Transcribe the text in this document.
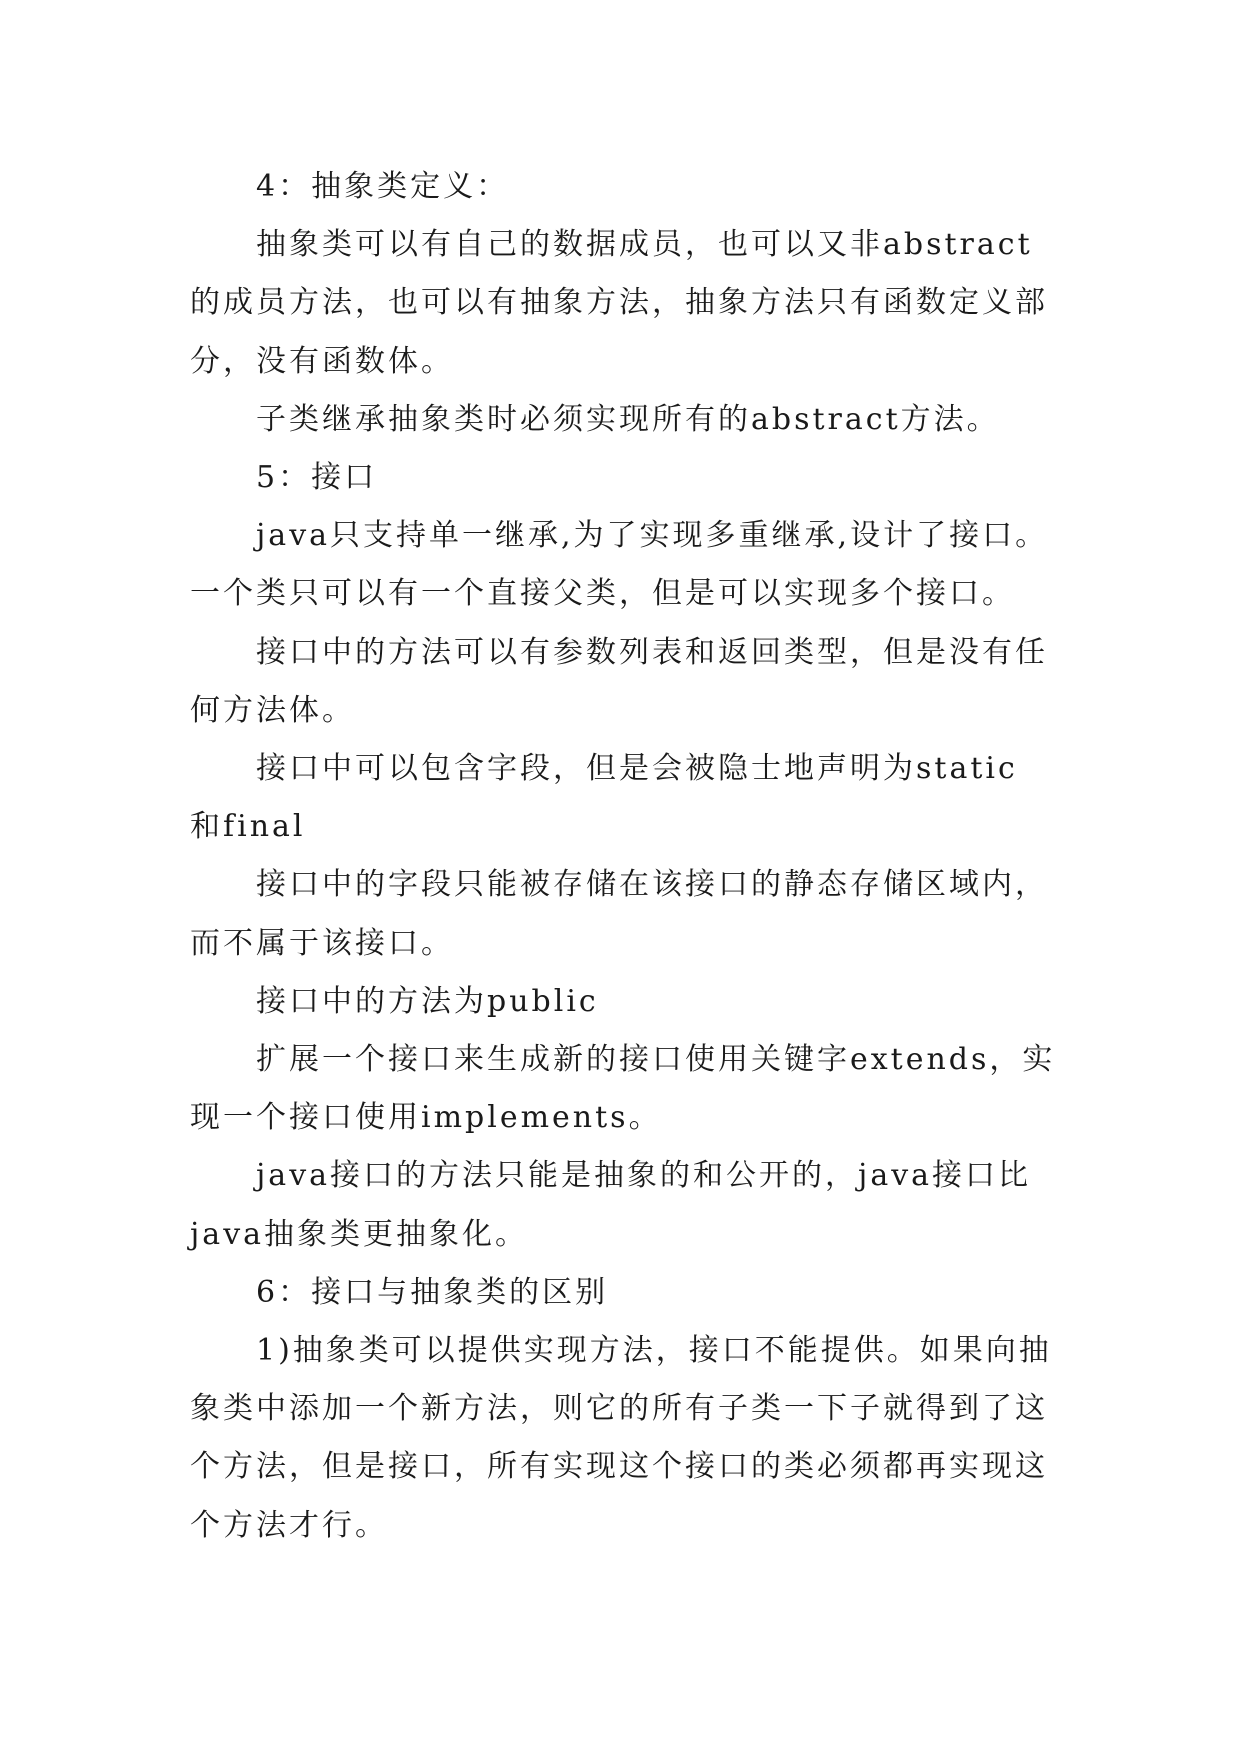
4：抽象类定义：
抽象类可以有自己的数据成员，也可以又非abstract
的成员方法，也可以有抽象方法，抽象方法只有函数定义部
分，没有函数体。
子类继承抽象类时必须实现所有的abstract方法。
5：接口
java只支持单一继承,为了实现多重继承,设计了接口。
一个类只可以有一个直接父类，但是可以实现多个接口。
接口中的方法可以有参数列表和返回类型，但是没有任
何方法体。
接口中可以包含字段，但是会被隐士地声明为static
和final
接口中的字段只能被存储在该接口的静态存储区域内，
而不属于该接口。
接口中的方法为public
扩展一个接口来生成新的接口使用关键字extends，实
现一个接口使用implements。
java接口的方法只能是抽象的和公开的，java接口比
java抽象类更抽象化。
6：接口与抽象类的区别
1)抽象类可以提供实现方法，接口不能提供。如果向抽
象类中添加一个新方法，则它的所有子类一下子就得到了这
个方法，但是接口，所有实现这个接口的类必须都再实现这
个方法才行。
